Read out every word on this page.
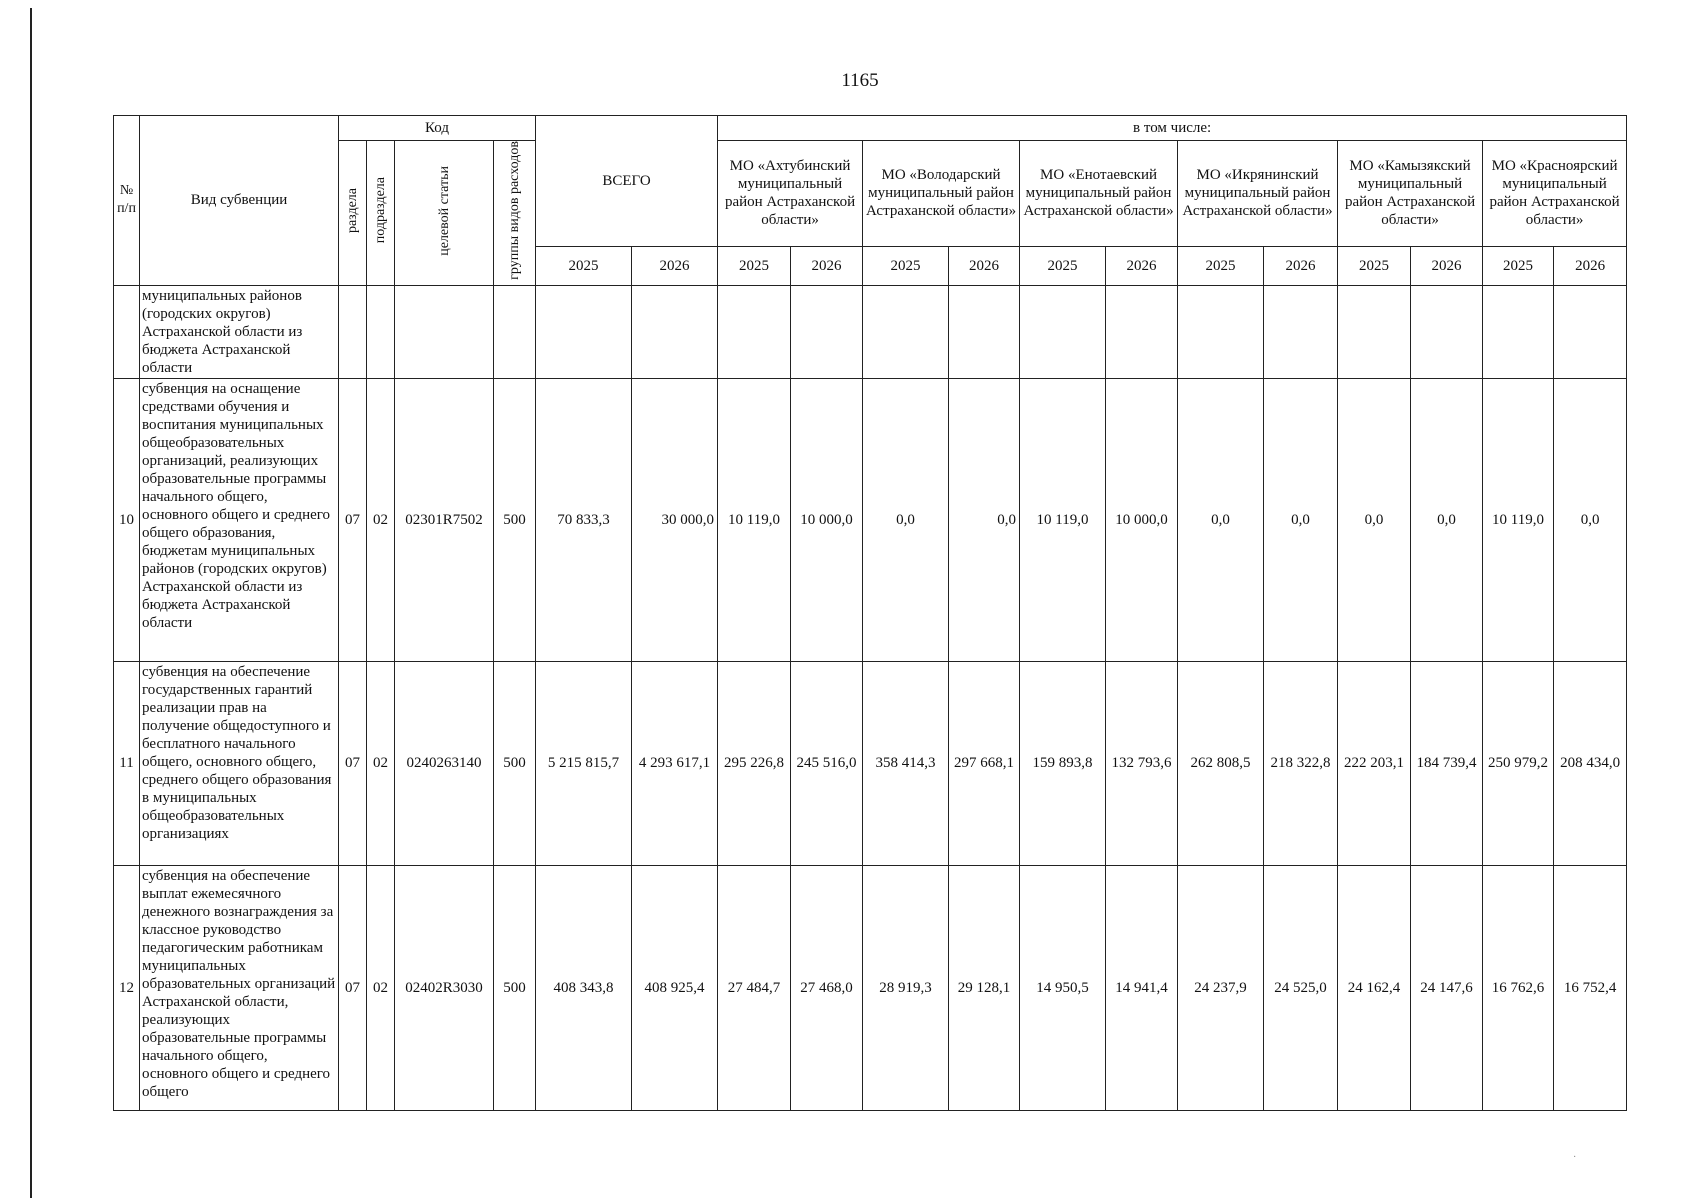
1165
№ п/п	Вид субвенции	Код				ВСЕГО		в том числе:											
		раздела	подраздела	целевой статьи	группы видов расходов			МО «Ахтубинский муниципальный район Астраханской области»		МО «Володарский муниципальный район Астраханской области»		МО «Енотаевский муниципальный район Астраханской области»		МО «Икрянинский муниципальный район Астраханской области»		МО «Камызякский муниципальный район Астраханской области»		МО «Красноярский муниципальный район Астраханской области»	
						2025	2026	2025	2026	2025	2026	2025	2026	2025	2026	2025	2026	2025	2026
	муниципальных районов (городских округов) Астраханской области из бюджета Астраханской области																		
10	субвенция на оснащение средствами обучения и воспитания муниципальных общеобразовательных организаций, реализующих образовательные программы начального общего, основного общего и среднего общего образования, бюджетам муниципальных районов (городских округов) Астраханской области из бюджета Астраханской области	07	02	02301R7502	500	70 833,3	30 000,0	10 119,0	10 000,0	0,0	0,0	10 119,0	10 000,0	0,0	0,0	0,0	0,0	10 119,0	0,0
11	субвенция на обеспечение государственных гарантий реализации прав на получение общедоступного и бесплатного начального общего, основного общего, среднего общего образования в муниципальных общеобразовательных организациях	07	02	0240263140	500	5 215 815,7	4 293 617,1	295 226,8	245 516,0	358 414,3	297 668,1	159 893,8	132 793,6	262 808,5	218 322,8	222 203,1	184 739,4	250 979,2	208 434,0
12	субвенция на обеспечение выплат ежемесячного денежного вознаграждения за классное руководство педагогическим работникам муниципальных образовательных организаций Астраханской области, реализующих образовательные программы начального общего, основного общего и среднего общего	07	02	02402R3030	500	408 343,8	408 925,4	27 484,7	27 468,0	28 919,3	29 128,1	14 950,5	14 941,4	24 237,9	24 525,0	24 162,4	24 147,6	16 762,6	16 752,4
·
